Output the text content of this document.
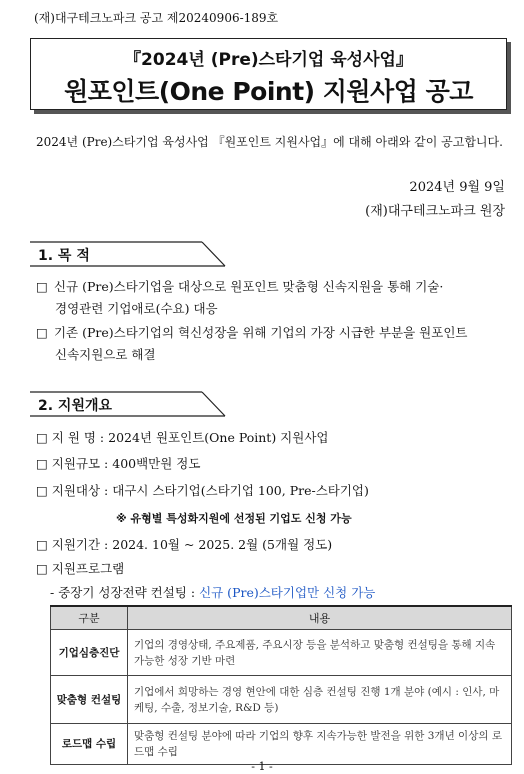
(재)대구테크노파크 공고 제20240906-189호
『2024년 (Pre)스타기업 육성사업』
원포인트(One Point) 지원사업 공고
2024년 (Pre)스타기업 육성사업 『원포인트 지원사업』에 대해 아래와 같이 공고합니다.
2024년 9월 9일
(재)대구테크노파크 원장
1. 목 적
□ 신규 (Pre)스타기업을 대상으로 원포인트 맞춤형 신속지원을 통해 기술·
경영관련 기업애로(수요) 대응
□ 기존 (Pre)스타기업의 혁신성장을 위해 기업의 가장 시급한 부분을 원포인트
신속지원으로 해결
2. 지원개요
□ 지 원 명 : 2024년 원포인트(One Point) 지원사업
□ 지원규모 : 400백만원 정도
□ 지원대상 : 대구시 스타기업(스타기업 100, Pre-스타기업)
※ 유형별 특성화지원에 선정된 기업도 신청 가능
□ 지원기간 : 2024. 10월 ~ 2025. 2월 (5개월 정도)
□ 지원프로그램
- 중장기 성장전략 컨설팅 : 신규 (Pre)스타기업만 신청 가능
구분	내용
기업심층진단	기업의 경영상태, 주요제품, 주요시장 등을 분석하고 맞춤형 컨설팅을 통해 지속가능한 성장 기반 마련
맞춤형 컨설팅	기업에서 희망하는 경영 현안에 대한 심층 컨설팅 진행 1개 분야 (예시 : 인사, 마케팅, 수출, 정보기술, R&D 등)
로드맵 수립	맞춤형 컨설팅 분야에 따라 기업의 향후 지속가능한 발전을 위한 3개년 이상의 로드맵 수립
- 1 -
